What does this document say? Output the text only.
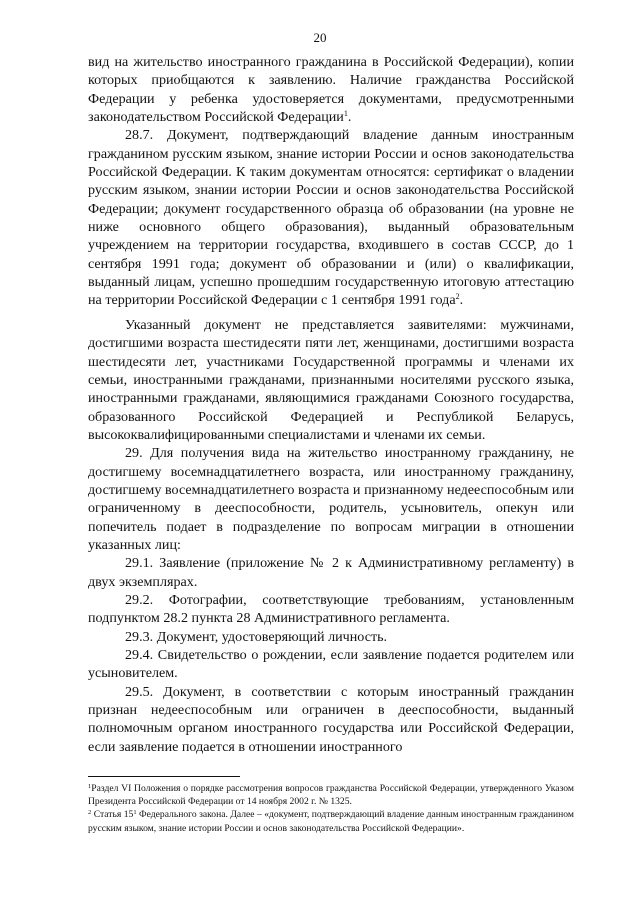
20

вид на жительство иностранного гражданина в Российской Федерации), копии которых приобщаются к заявлению. Наличие гражданства Российской Федерации у ребенка удостоверяется документами, предусмотренными законодательством Российской Федерации$^1$.

28.7. Документ, подтверждающий владение данным иностранным гражданином русским языком, знание истории России и основ законодательства Российской Федерации. К таким документам относятся: сертификат о владении русским языком, знании истории России и основ законодательства Российской Федерации; документ государственного образца об образовании (на уровне не ниже основного общего образования), выданный образовательным учреждением на территории государства, входившего в состав СССР, до 1 сентября 1991 года; документ об образовании и (или) о квалификации, выданный лицам, успешно прошедшим государственную итоговую аттестацию на территории Российской Федерации с 1 сентября 1991 года$^2$.

Указанный документ не представляется заявителями: мужчинами, достигшими возраста шестидесяти пяти лет, женщинами, достигшими возраста шестидесяти лет, участниками Государственной программы и членами их семьи, иностранными гражданами, признанными носителями русского языка, иностранными гражданами, являющимися гражданами Союзного государства, образованного Российской Федерацией и Республикой Беларусь, высококвалифицированными специалистами и членами их семьи.

29. Для получения вида на жительство иностранному гражданину, не достигшему восемнадцатилетнего возраста, или иностранному гражданину, достигшему восемнадцатилетнего возраста и признанному недееспособным или ограниченному в дееспособности, родитель, усыновитель, опекун или попечитель подает в подразделение по вопросам миграции в отношении указанных лиц:

29.1. Заявление (приложение № 2 к Административному регламенту) в двух экземплярах.

29.2. Фотографии, соответствующие требованиям, установленным подпунктом 28.2 пункта 28 Административного регламента.

29.3. Документ, удостоверяющий личность.

29.4. Свидетельство о рождении, если заявление подается родителем или усыновителем.

29.5. Документ, в соответствии с которым иностранный гражданин признан недееспособным или ограничен в дееспособности, выданный полномочным органом иностранного государства или Российской Федерации, если заявление подается в отношении иностранного

$^1$Раздел VI Положения о порядке рассмотрения вопросов гражданства Российской Федерации, утвержденного Указом Президента Российской Федерации от 14 ноября 2002 г. № 1325.

$^2$ Статья $15^1$ Федерального закона. Далее – «документ, подтверждающий владение данным иностранным гражданином русским языком, знание истории России и основ законодательства Российской Федерации».
